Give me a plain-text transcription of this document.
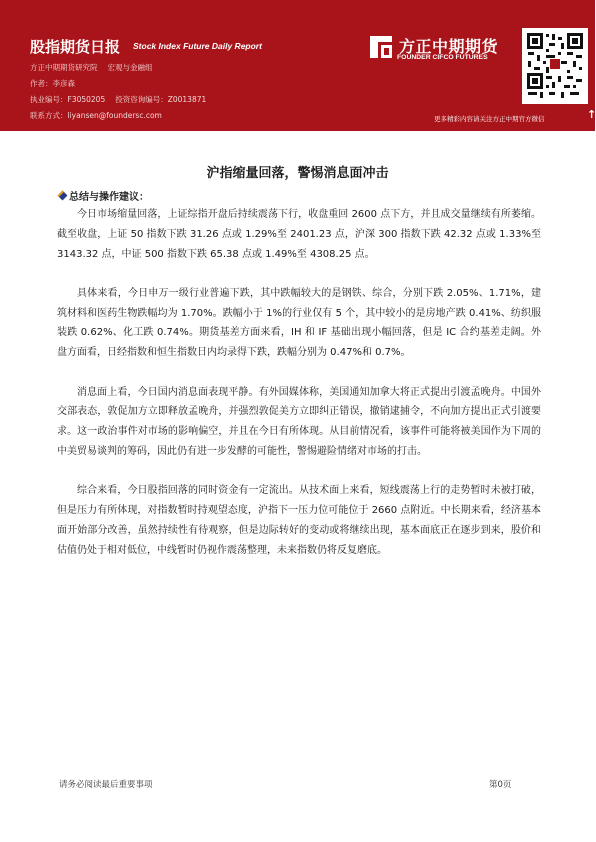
股指期货日报 Stock Index Future Daily Report
方正中期期货研究院 宏观与金融组
作者：李彦森
执业编号：F3050205 投资咨询编号：Z0013871
联系方式：liyansen@foundersc.com
方正中期期货
FOUNDER CIFCO FUTURES
更多精彩内容请关注方正中期官方微信	↑
沪指缩量回落，警惕消息面冲击
总结与操作建议：

今日市场缩量回落，上证综指开盘后持续震荡下行，收盘重回 2600 点下方，并且成交量继续有所萎缩。截至收盘，上证 50 指数下跌 31.26 点或 1.29%至 2401.23 点，沪深 300 指数下跌 42.32 点或 1.33%至 3143.32 点，中证 500 指数下跌 65.38 点或 1.49%至 4308.25 点。

具体来看，今日申万一级行业普遍下跌，其中跌幅较大的是钢铁、综合，分别下跌 2.05%、1.71%，建筑材料和医药生物跌幅均为 1.70%。跌幅小于 1%的行业仅有 5 个，其中较小的是房地产跌 0.41%、纺织服装跌 0.62%、化工跌 0.74%。期货基差方面来看，IH 和 IF 基础出现小幅回落，但是 IC 合约基差走阔。外盘方面看，日经指数和恒生指数日内均录得下跌，跌幅分别为 0.47%和 0.7%。

消息面上看，今日国内消息面表现平静。有外国媒体称，美国通知加拿大将正式提出引渡孟晚舟。中国外交部表态，敦促加方立即释放孟晚舟，并强烈敦促美方立即纠正错误，撤销逮捕令，不向加方提出正式引渡要求。这一政治事件对市场的影响偏空，并且在今日有所体现。从目前情况看，该事件可能将被美国作为下周的中美贸易谈判的筹码，因此仍有进一步发酵的可能性，警惕避险情绪对市场的打击。

综合来看，今日股指回落的同时资金有一定流出。从技术面上来看，短线震荡上行的走势暂时未被打破，但是压力有所体现，对指数暂时持观望态度，沪指下一压力位可能位于 2660 点附近。中长期来看，经济基本面开始部分改善，虽然持续性有待观察，但是边际转好的变动或将继续出现，基本面底正在逐步到来，股价和估值仍处于相对低位，中线暂时仍视作震荡整理，未来指数仍将反复磨底。

请务必阅读最后重要事项	第0页
